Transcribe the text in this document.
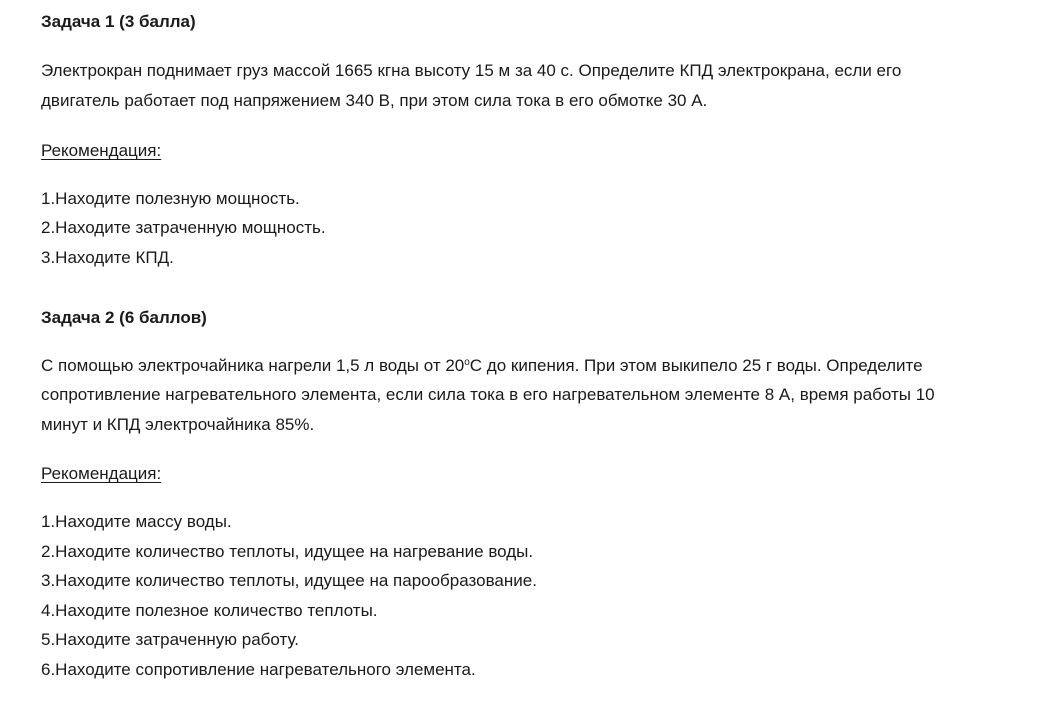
Задача 1 (3 балла)
Электрокран поднимает груз массой 1665 кгна высоту 15 м за 40 с. Определите КПД электрокрана, если его
двигатель работает под напряжением 340 В, при этом сила тока в его обмотке 30 А.
Рекомендация:
1.Находите полезную мощность.
2.Находите затраченную мощность.
3.Находите КПД.
Задача 2 (6 баллов)
С помощью электрочайника нагрели 1,5 л воды от 20$^o$С до кипения. При этом выкипело 25 г воды. Определите
сопротивление нагревательного элемента, если сила тока в его нагревательном элементе 8 А, время работы 10
минут и КПД электрочайника 85%.
Рекомендация:
1.Находите массу воды.
2.Находите количество теплоты, идущее на нагревание воды.
3.Находите количество теплоты, идущее на парообразование.
4.Находите полезное количество теплоты.
5.Находите затраченную работу.
6.Находите сопротивление нагревательного элемента.
